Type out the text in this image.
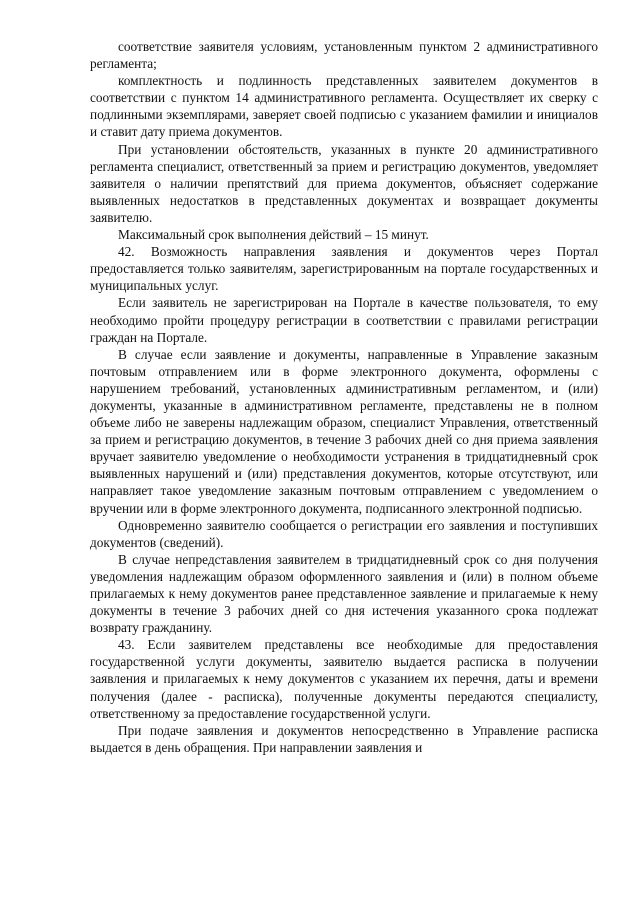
соответствие заявителя условиям, установленным пунктом 2 административного регламента;

комплектность и подлинность представленных заявителем документов в соответствии с пунктом 14 административного регламента. Осуществляет их сверку с подлинными экземплярами, заверяет своей подписью с указанием фамилии и инициалов и ставит дату приема документов.

При установлении обстоятельств, указанных в пункте 20 административного регламента специалист, ответственный за прием и регистрацию документов, уведомляет заявителя о наличии препятствий для приема документов, объясняет содержание выявленных недостатков в представленных документах и возвращает документы заявителю.

Максимальный срок выполнения действий – 15 минут.

42. Возможность направления заявления и документов через Портал предоставляется только заявителям, зарегистрированным на портале государственных и муниципальных услуг.

Если заявитель не зарегистрирован на Портале в качестве пользователя, то ему необходимо пройти процедуру регистрации в соответствии с правилами регистрации граждан на Портале.

В случае если заявление и документы, направленные в Управление заказным почтовым отправлением или в форме электронного документа, оформлены с нарушением требований, установленных административным регламентом, и (или) документы, указанные в административном регламенте, представлены не в полном объеме либо не заверены надлежащим образом, специалист Управления, ответственный за прием и регистрацию документов, в течение 3 рабочих дней со дня приема заявления вручает заявителю уведомление о необходимости устранения в тридцатидневный срок выявленных нарушений и (или) представления документов, которые отсутствуют, или направляет такое уведомление заказным почтовым отправлением с уведомлением о вручении или в форме электронного документа, подписанного электронной подписью.

Одновременно заявителю сообщается о регистрации его заявления и поступивших документов (сведений).

В случае непредставления заявителем в тридцатидневный срок со дня получения уведомления надлежащим образом оформленного заявления и (или) в полном объеме прилагаемых к нему документов ранее представленное заявление и прилагаемые к нему документы в течение 3 рабочих дней со дня истечения указанного срока подлежат возврату гражданину.

43. Если заявителем представлены все необходимые для предоставления государственной услуги документы, заявителю выдается расписка в получении заявления и прилагаемых к нему документов с указанием их перечня, даты и времени получения (далее - расписка), полученные документы передаются специалисту, ответственному за предоставление государственной услуги.

При подаче заявления и документов непосредственно в Управление расписка выдается в день обращения. При направлении заявления и
